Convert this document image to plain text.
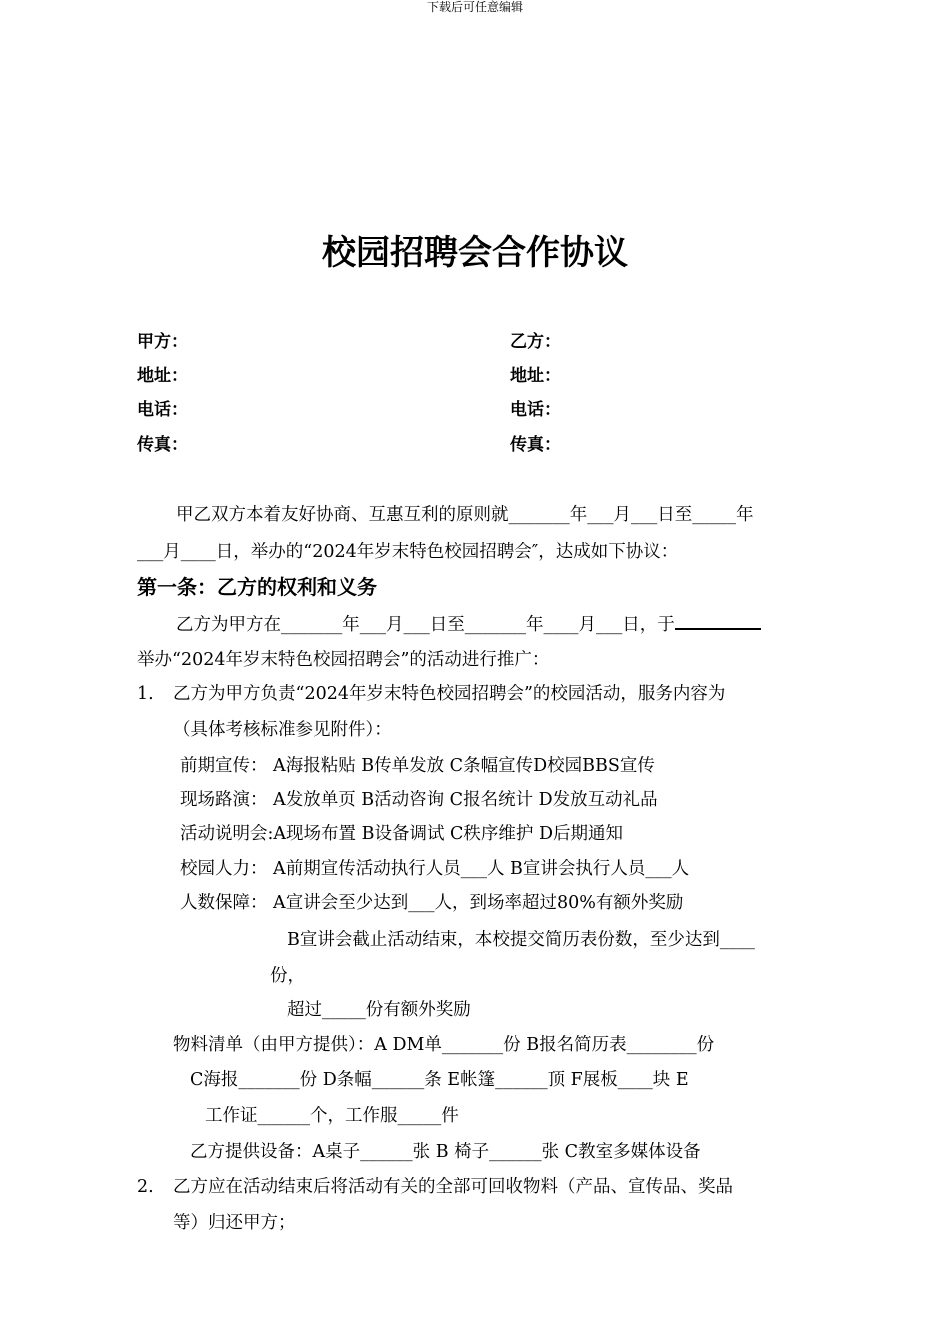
下载后可任意编辑
校园招聘会合作协议
甲方：	乙方：
地址：	地址：
电话：	电话：
传真：	传真：
甲乙双方本着友好协商、互惠互利的原则就_______年___月___日至_____年
___月____日，举办的“2024年岁末特色校园招聘会″，达成如下协议：
第一条：乙方的权利和义务
乙方为甲方在_______年___月___日至_______年____月___日，于
举办“2024年岁末特色校园招聘会”的活动进行推广：
1. 乙方为甲方负责“2024年岁末特色校园招聘会”的校园活动，服务内容为
（具体考核标准参见附件）：
前期宣传： A海报粘贴 B传单发放 C条幅宣传D校园BBS宣传
现场路演： A发放单页 B活动咨询 C报名统计 D发放互动礼品
活动说明会:A现场布置 B设备调试 C秩序维护 D后期通知
校园人力： A前期宣传活动执行人员___人 B宣讲会执行人员___人
人数保障： A宣讲会至少达到___人，到场率超过80%有额外奖励
B宣讲会截止活动结束，本校提交简历表份数，至少达到____
份，
超过_____份有额外奖励
物料清单（由甲方提供）：A DM单_______份 B报名简历表________份
C海报_______份 D条幅______条 E帐篷______顶 F展板____块 E
工作证______个，工作服_____件
乙方提供设备：A桌子______张 B 椅子______张 C教室多媒体设备
2. 乙方应在活动结束后将活动有关的全部可回收物料（产品、宣传品、奖品
等）归还甲方；
